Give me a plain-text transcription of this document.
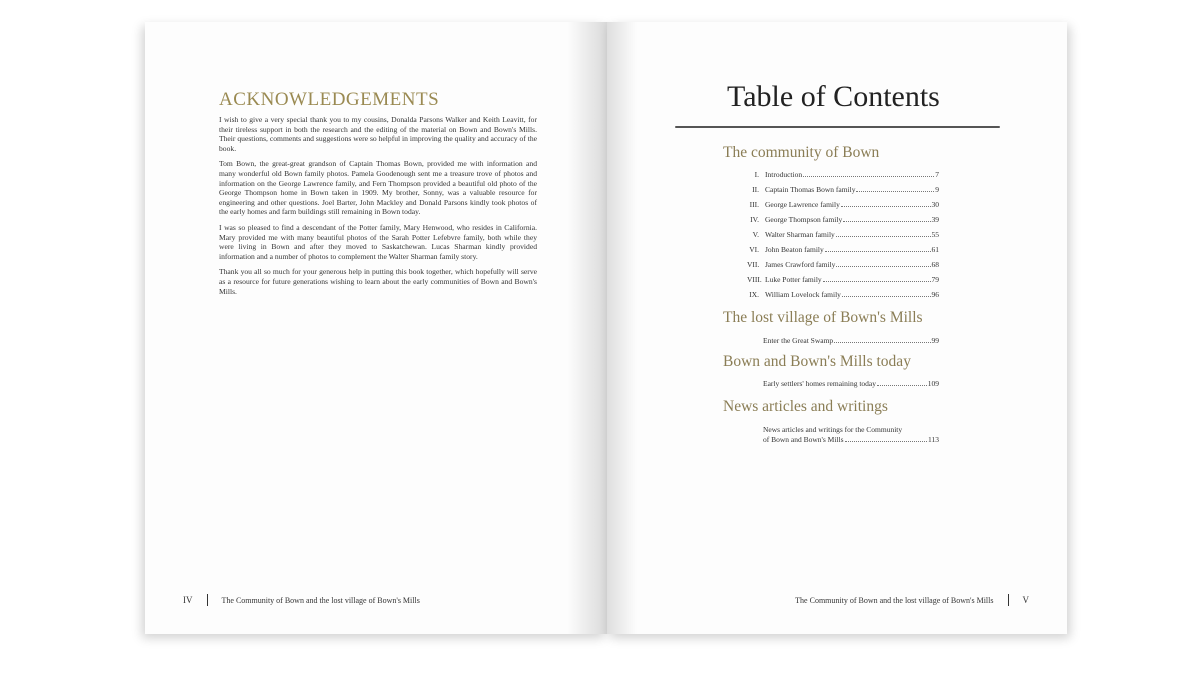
ACKNOWLEDGEMENTS

I wish to give a very special thank you to my cousins, Donalda Parsons Walker and Keith Leavitt, for their tireless support in both the research and the editing of the material on Bown and Bown's Mills. Their questions, comments and suggestions were so helpful in improving the quality and accuracy of the book.

Tom Bown, the great-great grandson of Captain Thomas Bown, provided me with information and many wonderful old Bown family photos. Pamela Goodenough sent me a treasure trove of photos and information on the George Lawrence family, and Fern Thompson provided a beautiful old photo of the George Thompson home in Bown taken in 1909. My brother, Sonny, was a valuable resource for engineering and other questions. Joel Barter, John Mackley and Donald Parsons kindly took photos of the early homes and farm buildings still remaining in Bown today.

I was so pleased to find a descendant of the Potter family, Mary Henwood, who resides in California. Mary provided me with many beautiful photos of the Sarah Potter Lefebvre family, both while they were living in Bown and after they moved to Saskatchewan. Lucas Sharman kindly provided information and a number of photos to complement the Walter Sharman family story.

Thank you all so much for your generous help in putting this book together, which hopefully will serve as a resource for future generations wishing to learn about the early communities of Bown and Bown's Mills.

IV	The Community of Bown and the lost village of Bown's Mills
Table of Contents
The community of Bown
I. Introduction	7
II. Captain Thomas Bown family	9
III. George Lawrence family	30
IV. George Thompson family	39
V. Walter Sharman family	55
VI. John Beaton family	61
VII. James Crawford family	68
VIII. Luke Potter family	79
IX. William Lovelock family	96
The lost village of Bown's Mills
Enter the Great Swamp	99
Bown and Bown's Mills today
Early settlers' homes remaining today	109
News articles and writings
News articles and writings for the Community
of Bown and Bown's Mills	113
The Community of Bown and the lost village of Bown's Mills	V
